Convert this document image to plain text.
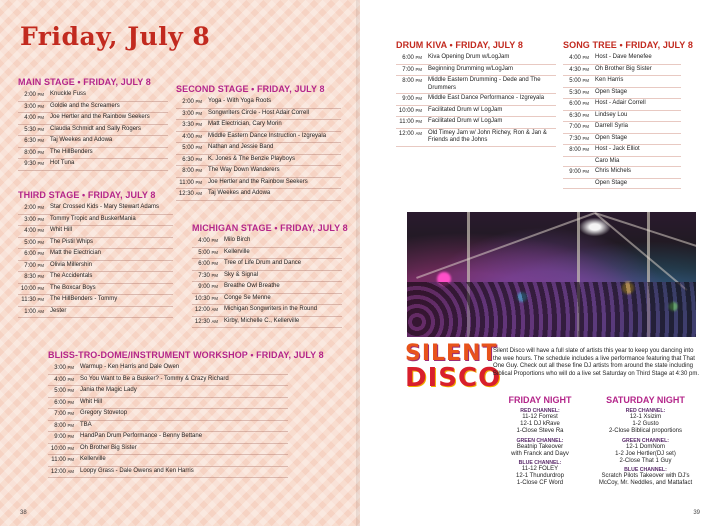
Friday, July 8
MAIN STAGE • FRIDAY, JULY 8
2:00 PM	Knuckle Fuss
3:00 PM	Goldie and the Screamers
4:00 PM	Joe Hertler and the Rainbow Seekers
5:30 PM	Claudia Schmidt and Sally Rogers
6:30 PM	Taj Weekes and Adowa
8:00 PM	The HillBenders
9:30 PM	Hot Tuna
SECOND STAGE • FRIDAY, JULY 8
2:00 PM	Yoga - With Yoga Roots
3:00 PM	Songwriters Circle - Host Adair Correll
3:30 PM	Matt Electrician, Cary Morin
4:00 PM	Middle Eastern Dance Instruction - Izgreyala
5:00 PM	Nathan and Jessie Band
6:30 PM	K. Jones & The Benzie Playboys
8:00 PM	The Way Down Wanderers
11:00 PM	Joe Hertler and the Rainbow Seekers
12:30 AM	Taj Weekes and Adowa
THIRD STAGE • FRIDAY, JULY 8
2:00 PM	Star Crossed Kids - Mary Stewart Adams
3:00 PM	Tommy Tropic and BuskerMania
4:00 PM	Whit Hill
5:00 PM	The Pistil Whips
6:00 PM	Matt the Electrician
7:00 PM	Olivia Millershin
8:30 PM	The Accidentals
10:00 PM	The Boxcar Boys
11:30 PM	The HillBenders - Tommy
1:00 AM	Jester
MICHIGAN STAGE • FRIDAY, JULY 8
4:00 PM	Milo Birch
5:00 PM	Kellerville
6:00 PM	Tree of Life Drum and Dance
7:30 PM	Sky & Signal
9:00 PM	Breathe Owl Breathe
10:30 PM	Conge Se Menne
12:00 AM	Michigan Songwriters in the Round
12:30 AM	Kirby, Michelle C., Kellerville
BLISS-TRO-DOME/INSTRUMENT WORKSHOP • FRIDAY, JULY 8
3:00 PM	Warmup - Ken Harris and Dale Owen
4:00 PM	So You Want to Be a Busker? - Tommy & Crazy Richard
5:00 PM	Jania the Magic Lady
6:00 PM	Whit Hill
7:00 PM	Gregory Stovetop
8:00 PM	TBA
9:00 PM	HandPan Drum Performance - Benny Bettane
10:00 PM	Oh Brother Big Sister
11:00 PM	Kellerville
12:00 AM	Loopy Grass - Dale Owens and Ken Harris
38
DRUM KIVA • FRIDAY, JULY 8
6:00 PM	Kiva Opening Drum w/LogJam
7:00 PM	Beginning Drumming w/LogJam
8:00 PM	Middle Eastern Drumming - Dede and The Drummers
9:00 PM	Middle East Dance Performance - Izgreyala
10:00 PM	Facilitated Drum w/ LogJam
11:00 PM	Facilitated Drum w/ LogJam
12:00 AM	Old Timey Jam w/ John Richey, Ron & Jan & Friends and the Johns
SONG TREE • FRIDAY, JULY 8
4:00 PM	Host - Dave Menefee
4:30 PM	Oh Brother Big Sister
5:00 PM	Ken Harris
5:30 PM	Open Stage
6:00 PM	Host - Adair Correll
6:30 PM	Lindsey Lou
7:00 PM	Darrell Syria
7:30 PM	Open Stage
8:00 PM	Host - Jack Elliot
Caro Mia
9:00 PM	Chris Michels
Open Stage
SILENT
DISCO

Silent Disco will have a full slate of artists this year to keep you dancing into the wee hours. The schedule includes a live performance featuring that That One Guy. Check out all these fine DJ artists from around the state including Biblical Proportions who will do a live set Saturday on Third Stage at 4:30 pm.

FRIDAY NIGHT
RED CHANNEL:
11-12 Forrest
12-1 DJ kRave
1-Close Steve Ra
GREEN CHANNEL:
Beatnip Takeover
with Franck and Dayv
BLUE CHANNEL:
11-12 FOLEY
12-1 Thundurdrop
1-Close CF Word
SATURDAY NIGHT
RED CHANNEL:
12-1 Xsizim
1-2 Gusto
2-Close Biblical proportions
GREEN CHANNEL:
12-1 DomNom
1-2 Joe Hertler(DJ set)
2-Close That 1 Guy
BLUE CHANNEL:
Scratch Pilots Takeover with DJ's
McCoy, Mr. Neddles, and Mattafact
39
